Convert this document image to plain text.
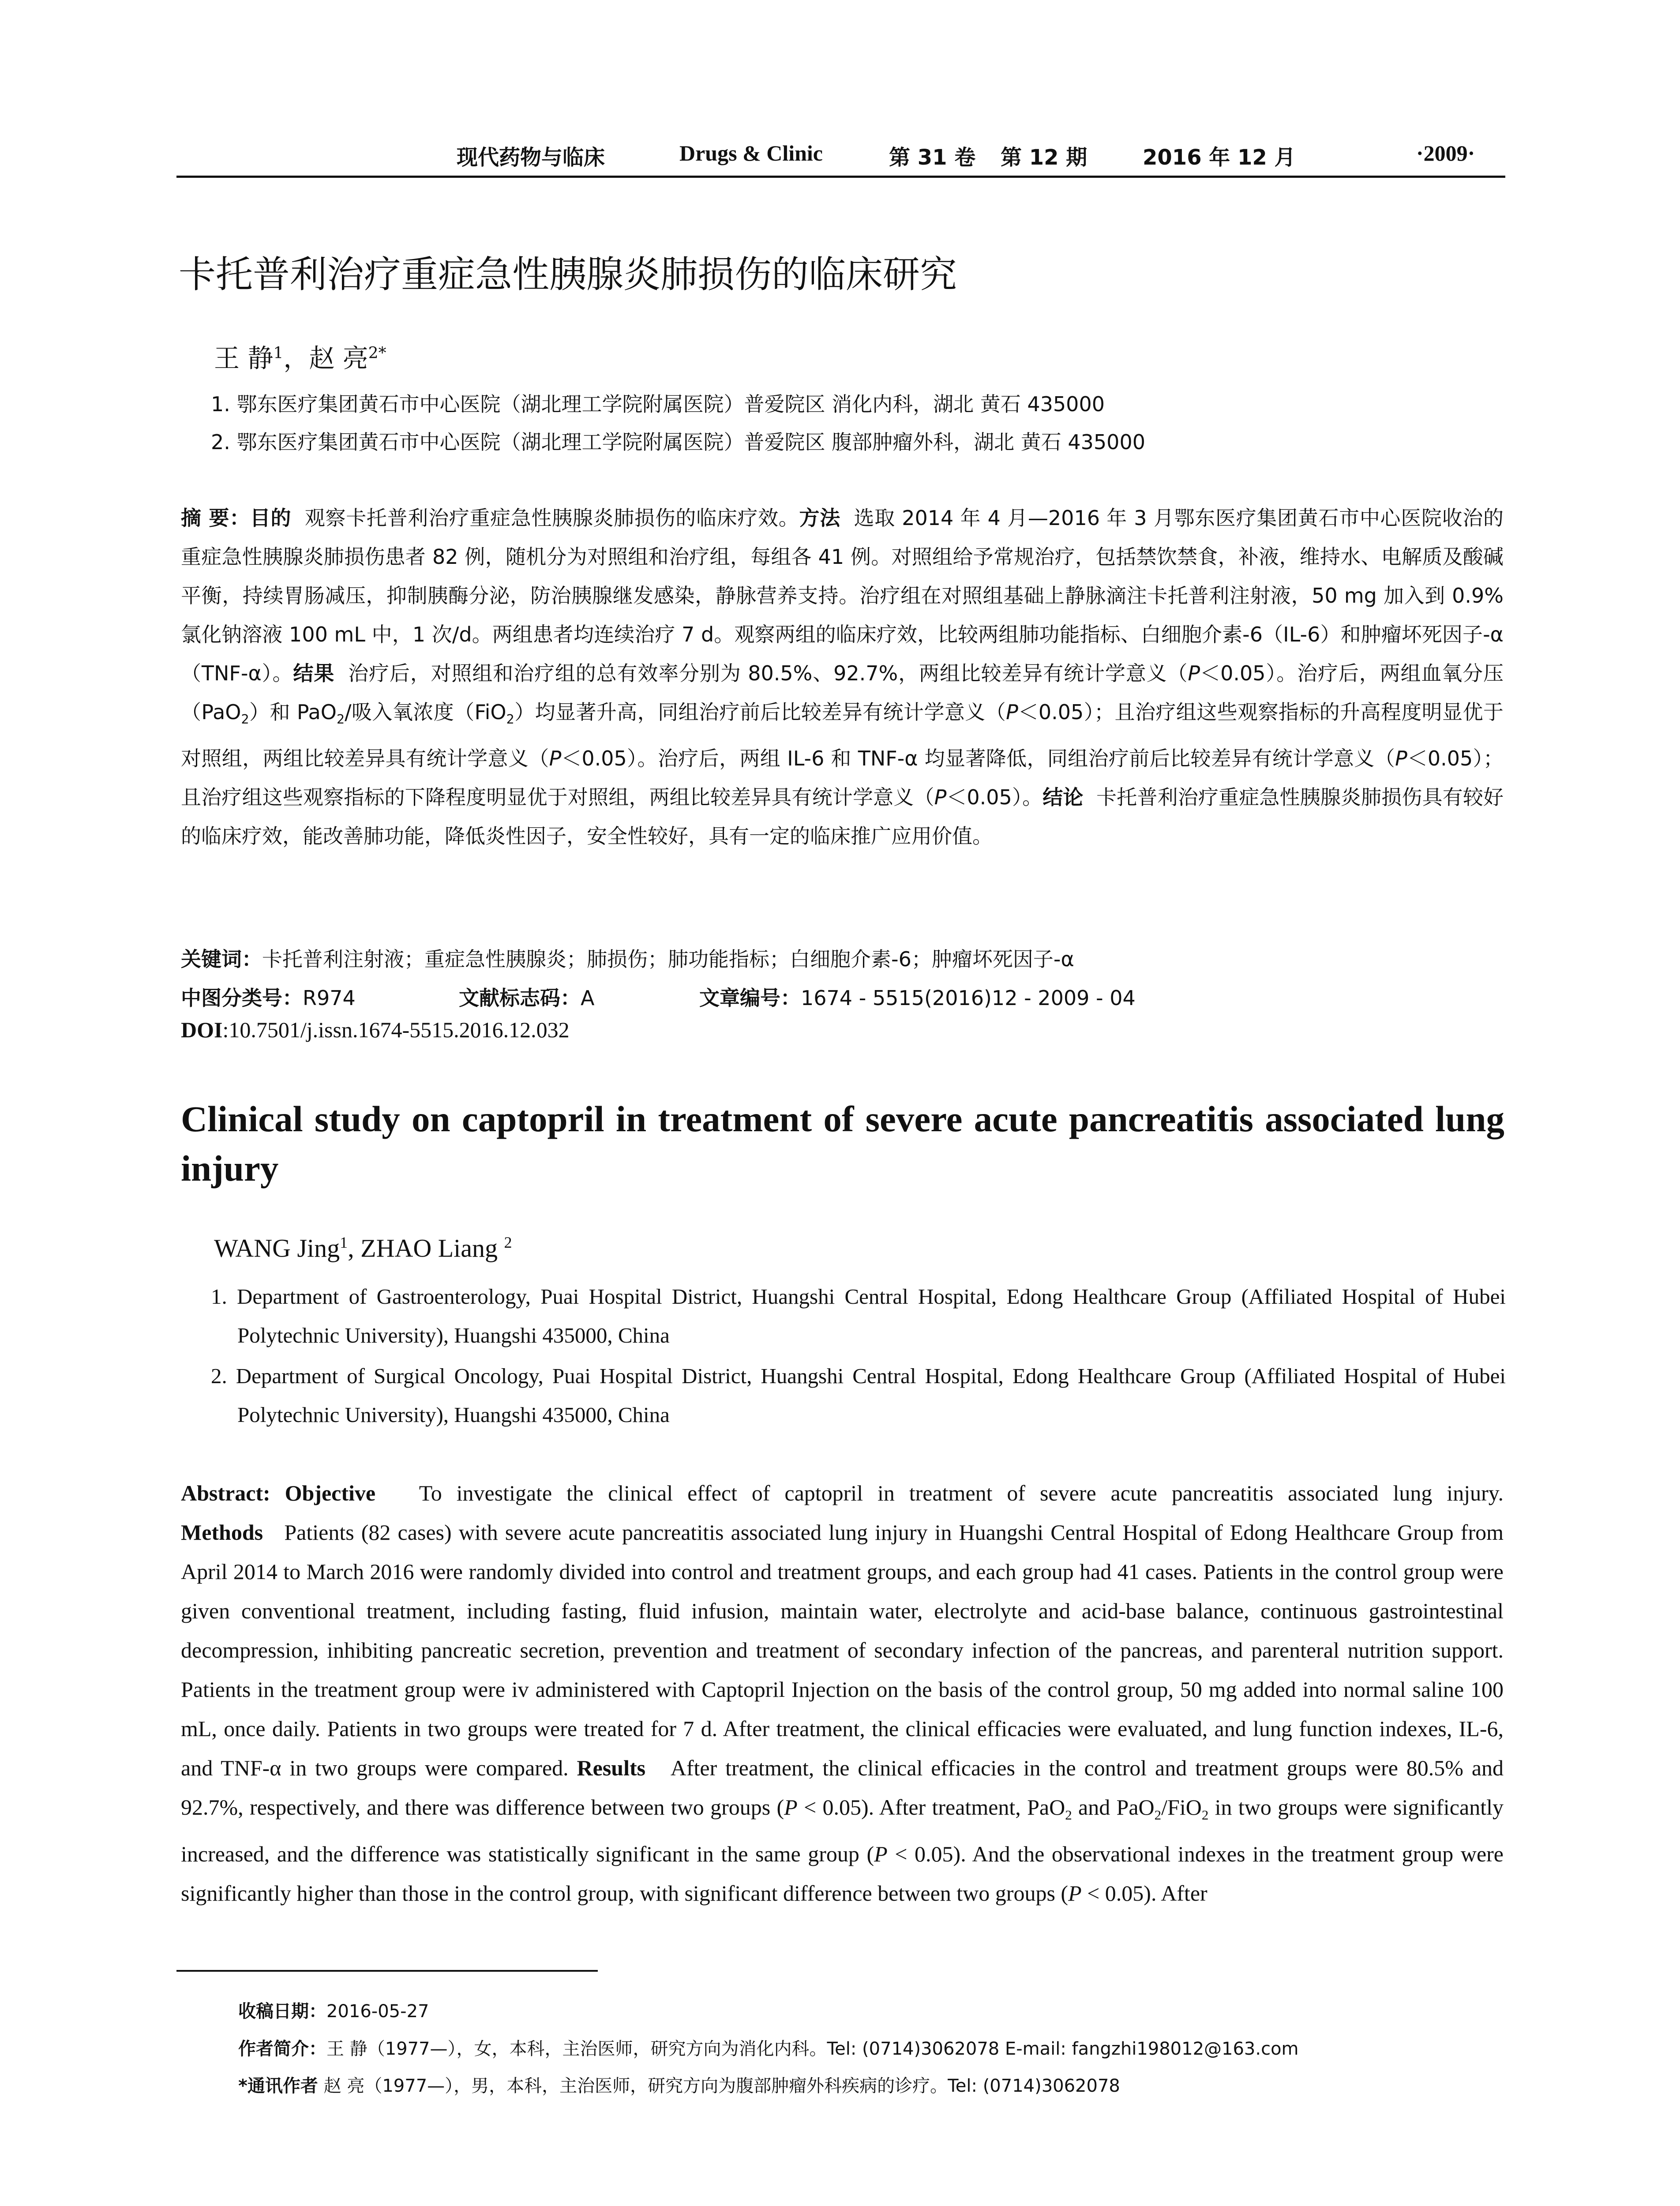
现代药物与临床	Drugs & Clinic	第 31 卷 第 12 期	2016 年 12 月	·2009·
卡托普利治疗重症急性胰腺炎肺损伤的临床研究
王 静$^1$，赵 亮$^{2*}$
1. 鄂东医疗集团黄石市中心医院（湖北理工学院附属医院）普爱院区 消化内科，湖北 黄石 435000
2. 鄂东医疗集团黄石市中心医院（湖北理工学院附属医院）普爱院区 腹部肿瘤外科，湖北 黄石 435000
摘 要：目的 观察卡托普利治疗重症急性胰腺炎肺损伤的临床疗效。方法 选取 2014 年 4 月—2016 年 3 月鄂东医疗集团黄石市中心医院收治的重症急性胰腺炎肺损伤患者 82 例，随机分为对照组和治疗组，每组各 41 例。对照组给予常规治疗，包括禁饮禁食，补液，维持水、电解质及酸碱平衡，持续胃肠减压，抑制胰酶分泌，防治胰腺继发感染，静脉营养支持。治疗组在对照组基础上静脉滴注卡托普利注射液，50 mg 加入到 0.9%氯化钠溶液 100 mL 中，1 次/d。两组患者均连续治疗 7 d。观察两组的临床疗效，比较两组肺功能指标、白细胞介素-6（IL-6）和肿瘤坏死因子-α（TNF-α）。结果 治疗后，对照组和治疗组的总有效率分别为 80.5%、92.7%，两组比较差异有统计学意义（P＜0.05）。治疗后，两组血氧分压（PaO$_2$）和 PaO$_2$/吸入氧浓度（FiO$_2$）均显著升高，同组治疗前后比较差异有统计学意义（P＜0.05）；且治疗组这些观察指标的升高程度明显优于对照组，两组比较差异具有统计学意义（P＜0.05）。治疗后，两组 IL-6 和 TNF-α 均显著降低，同组治疗前后比较差异有统计学意义（P＜0.05）；且治疗组这些观察指标的下降程度明显优于对照组，两组比较差异具有统计学意义（P＜0.05）。结论 卡托普利治疗重症急性胰腺炎肺损伤具有较好的临床疗效，能改善肺功能，降低炎性因子，安全性较好，具有一定的临床推广应用价值。
关键词：卡托普利注射液；重症急性胰腺炎；肺损伤；肺功能指标；白细胞介素-6；肿瘤坏死因子-α
中图分类号：R974	文献标志码：A	文章编号：1674 - 5515(2016)12 - 2009 - 04
DOI:10.7501/j.issn.1674-5515.2016.12.032
Clinical study on captopril in treatment of severe acute pancreatitis associated lung injury
WANG Jing$^1$, ZHAO Liang $^2$
1. Department of Gastroenterology, Puai Hospital District, Huangshi Central Hospital, Edong Healthcare Group (Affiliated Hospital of Hubei Polytechnic University), Huangshi 435000, China
2. Department of Surgical Oncology, Puai Hospital District, Huangshi Central Hospital, Edong Healthcare Group (Affiliated Hospital of Hubei Polytechnic University), Huangshi 435000, China
Abstract: Objective To investigate the clinical effect of captopril in treatment of severe acute pancreatitis associated lung injury. Methods Patients (82 cases) with severe acute pancreatitis associated lung injury in Huangshi Central Hospital of Edong Healthcare Group from April 2014 to March 2016 were randomly divided into control and treatment groups, and each group had 41 cases. Patients in the control group were given conventional treatment, including fasting, fluid infusion, maintain water, electrolyte and acid-base balance, continuous gastrointestinal decompression, inhibiting pancreatic secretion, prevention and treatment of secondary infection of the pancreas, and parenteral nutrition support. Patients in the treatment group were iv administered with Captopril Injection on the basis of the control group, 50 mg added into normal saline 100 mL, once daily. Patients in two groups were treated for 7 d. After treatment, the clinical efficacies were evaluated, and lung function indexes, IL-6, and TNF-α in two groups were compared. Results After treatment, the clinical efficacies in the control and treatment groups were 80.5% and 92.7%, respectively, and there was difference between two groups (P < 0.05). After treatment, PaO$_2$ and PaO$_2$/FiO$_2$ in two groups were significantly increased, and the difference was statistically significant in the same group (P < 0.05). And the observational indexes in the treatment group were significantly higher than those in the control group, with significant difference between two groups (P < 0.05). After
收稿日期：2016-05-27
作者简介：王 静（1977—），女，本科，主治医师，研究方向为消化内科。Tel: (0714)3062078 E-mail: fangzhi198012@163.com
*通讯作者 赵 亮（1977—），男，本科，主治医师，研究方向为腹部肿瘤外科疾病的诊疗。Tel: (0714)3062078
